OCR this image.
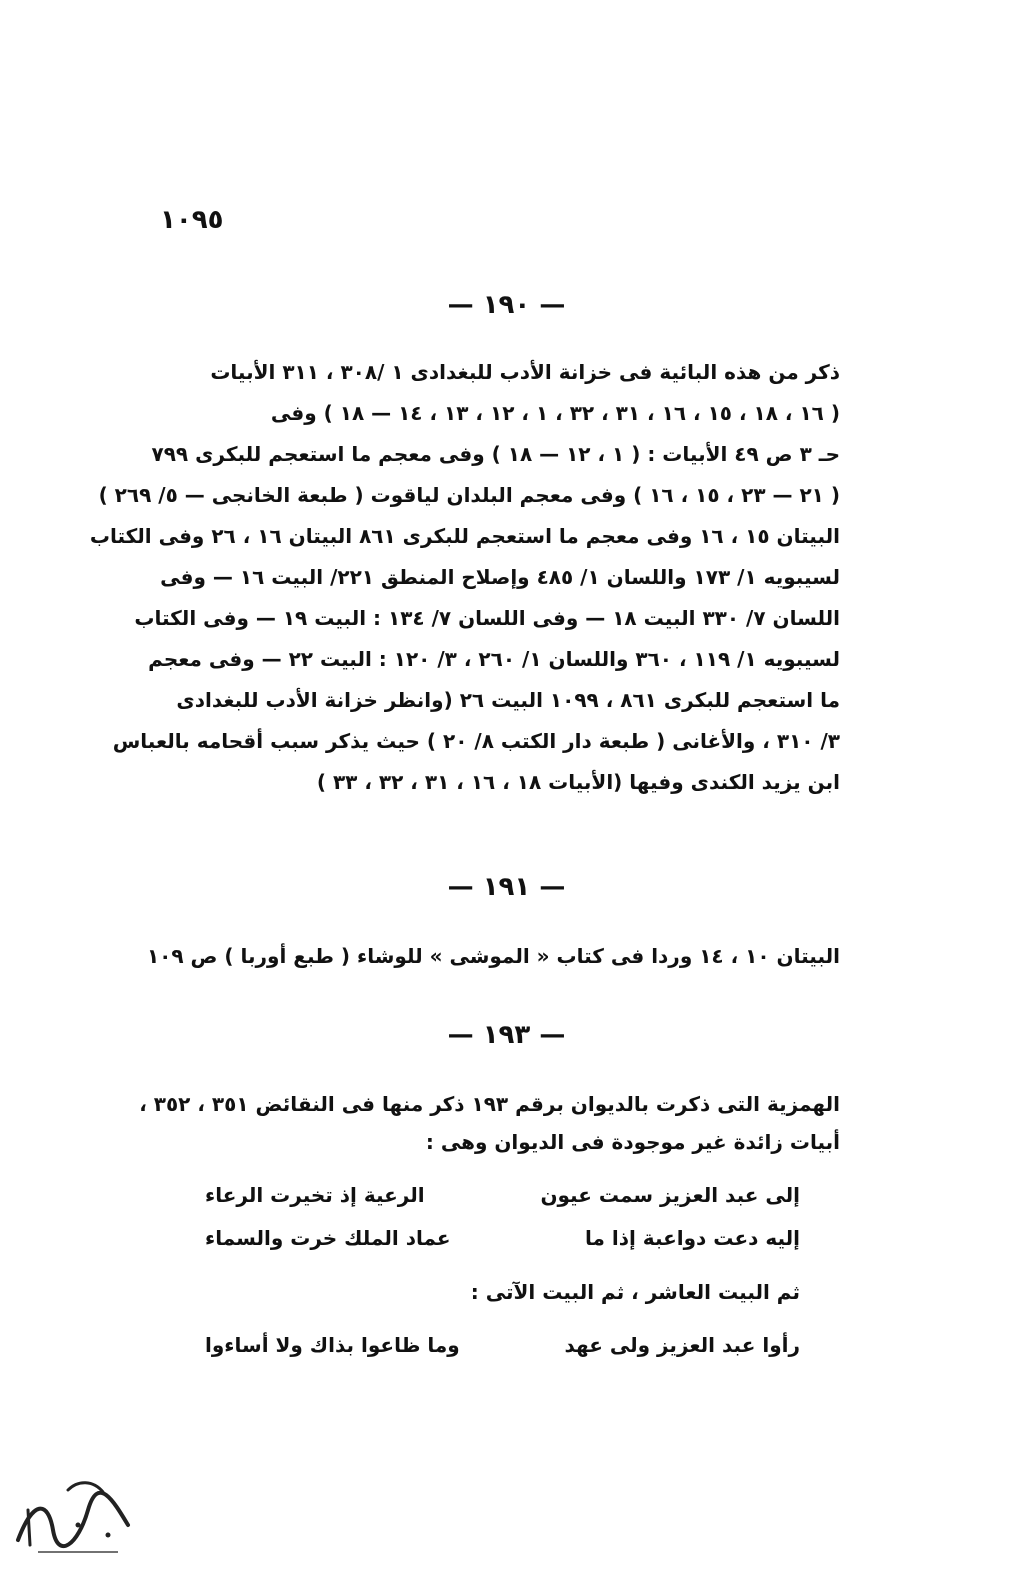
١٠٩٥
— ١٩٠ —
ذكر من هذه البائية فى خزانة الأدب للبغدادى ١ /٣٠٨ ، ٣١١ الأبيات
( ١٦ ، ١٨ ، ١٥ ، ١٦ ، ٣١ ، ٣٢ ، ١ ، ١٢ ، ١٣ ، ١٤ — ١٨ ) وفى
حـ ٣ ص ٤٩ الأبيات : ( ١ ، ١٢ — ١٨ ) وفى معجم ما استعجم للبكرى ٧٩٩
( ٢١ — ٢٣ ، ١٥ ، ١٦ ) وفى معجم البلدان لياقوت ( طبعة الخانجى — ٥/ ٢٦٩ )
البيتان ١٥ ، ١٦ وفى معجم ما استعجم للبكرى ٨٦١ البيتان ١٦ ، ٢٦ وفى الكتاب
لسيبويه ١/ ١٧٣ واللسان ١/ ٤٨٥ وإصلاح المنطق ٢٢١/ البيت ١٦ — وفى
اللسان ٧/ ٣٣٠ البيت ١٨ — وفى اللسان ٧/ ١٣٤ : البيت ١٩ — وفى الكتاب
لسيبويه ١/ ١١٩ ، ٣٦٠ واللسان ١/ ٢٦٠ ، ٣/ ١٢٠ : البيت ٢٢ — وفى معجم
ما استعجم للبكرى ٨٦١ ، ١٠٩٩ البيت ٢٦ (وانظر خزانة الأدب للبغدادى
٣/ ٣١٠ ، والأغانى ( طبعة دار الكتب ٨/ ٢٠ ) حيث يذكر سبب أقحامه بالعباس
ابن يزيد الكندى وفيها (الأبيات ١٨ ، ١٦ ، ٣١ ، ٣٢ ، ٣٣ )
— ١٩١ —
البيتان ١٠ ، ١٤ وردا فى كتاب « الموشى » للوشاء ( طبع أوربا ) ص ١٠٩
— ١٩٣ —
الهمزية التى ذكرت بالديوان برقم ١٩٣ ذكر منها فى النقائض ٣٥١ ، ٣٥٢ ،
أبيات زائدة غير موجودة فى الديوان وهى :
إلى عبد العزيز سمت عيون
الرعية إذ تخيرت الرعاء
إليه دعت دواعبة إذا ما
عماد الملك خرت والسماء
ثم البيت العاشر ، ثم البيت الآتى :
رأوا عبد العزيز ولى عهد
وما ظاعوا بذاك ولا أساءوا
